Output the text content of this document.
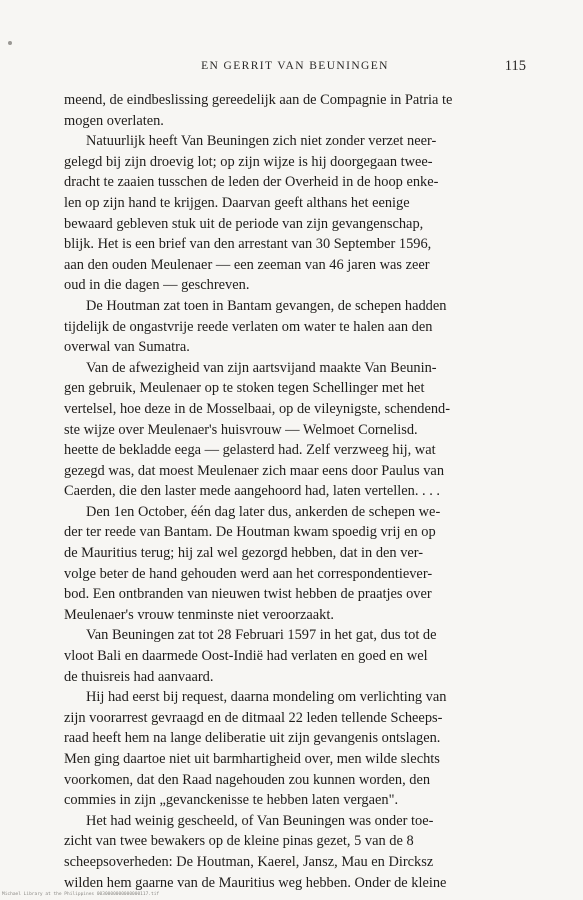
EN GERRIT VAN BEUNINGEN	115

meend, de eindbeslissing gereedelijk aan de Compagnie in Patria te
mogen overlaten.

Natuurlijk heeft Van Beuningen zich niet zonder verzet neer-
gelegd bij zijn droevig lot; op zijn wijze is hij doorgegaan twee-
dracht te zaaien tusschen de leden der Overheid in de hoop enke-
len op zijn hand te krijgen. Daarvan geeft althans het eenige
bewaard gebleven stuk uit de periode van zijn gevangenschap,
blijk. Het is een brief van den arrestant van 30 September 1596,
aan den ouden Meulenaer — een zeeman van 46 jaren was zeer
oud in die dagen — geschreven.

De Houtman zat toen in Bantam gevangen, de schepen hadden
tijdelijk de ongastvrije reede verlaten om water te halen aan den
overwal van Sumatra.

Van de afwezigheid van zijn aartsvijand maakte Van Beunin-
gen gebruik, Meulenaer op te stoken tegen Schellinger met het
vertelsel, hoe deze in de Mosselbaai, op de vileynigste, schendend-
ste wijze over Meulenaer's huisvrouw — Welmoet Cornelisd.
heette de bekladde eega — gelasterd had. Zelf verzweeg hij, wat
gezegd was, dat moest Meulenaer zich maar eens door Paulus van
Caerden, die den laster mede aangehoord had, laten vertellen. . . .

Den 1en October, één dag later dus, ankerden de schepen we-
der ter reede van Bantam. De Houtman kwam spoedig vrij en op
de Mauritius terug; hij zal wel gezorgd hebben, dat in den ver-
volge beter de hand gehouden werd aan het correspondentiever-
bod. Een ontbranden van nieuwen twist hebben de praatjes over
Meulenaer's vrouw tenminste niet veroorzaakt.

Van Beuningen zat tot 28 Februari 1597 in het gat, dus tot de
vloot Bali en daarmede Oost-Indië had verlaten en goed en wel
de thuisreis had aanvaard.

Hij had eerst bij request, daarna mondeling om verlichting van
zijn voorarrest gevraagd en de ditmaal 22 leden tellende Scheeps-
raad heeft hem na lange deliberatie uit zijn gevangenis ontslagen.
Men ging daartoe niet uit barmhartigheid over, men wilde slechts
voorkomen, dat den Raad nagehouden zou kunnen worden, den
commies in zijn „gevanckenisse te hebben laten vergaen".

Het had weinig gescheeld, of Van Beuningen was onder toe-
zicht van twee bewakers op de kleine pinas gezet, 5 van de 8
scheepsoverheden: De Houtman, Kaerel, Jansz, Mau en Dircksz
wilden hem gaarne van de Mauritius weg hebben. Onder de kleine

Michael Library at the Philippines 0030000000000000117.tif
